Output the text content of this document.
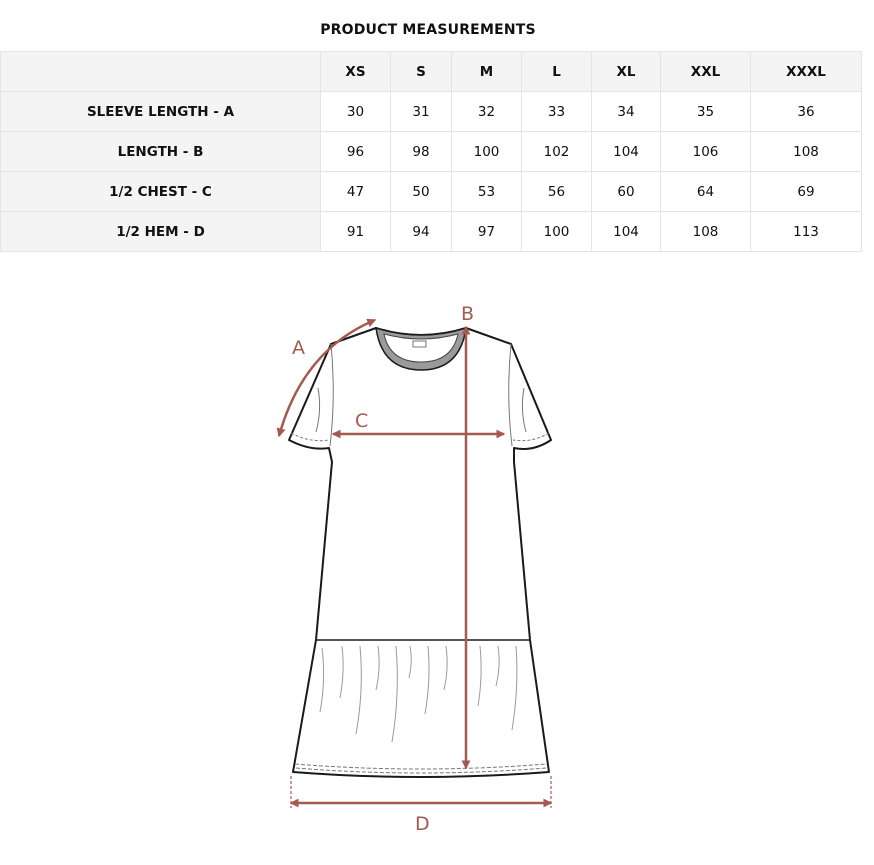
PRODUCT MEASUREMENTS
	XS	S	M	L	XL	XXL	XXXL
SLEEVE LENGTH - A	30	31	32	33	34	35	36
LENGTH - B	96	98	100	102	104	106	108
1/2 CHEST - C	47	50	53	56	60	64	69
1/2 HEM - D	91	94	97	100	104	108	113
A
B
C
D
